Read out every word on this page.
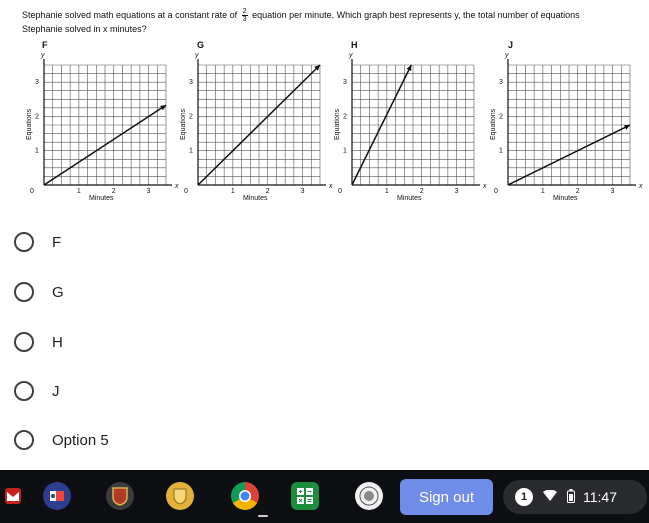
Stephanie solved math equations at a constant rate of $\frac{2}{3}$ equation per minute. Which graph best represents y, the total number of equations Stephanie solved in x minutes?
F	G	H	J
x
y
0	1	2	3
1
2
3
Minutes
Equations
x
y
0	1	2	3
1
2
3
Minutes
Equations
x
y
0	1	2	3
1
2
3
Minutes
Equations
x
y
0	1	2	3
1
2
3
Minutes
Equations
F
G
H
J
Option 5
Sign out	1	11:47
